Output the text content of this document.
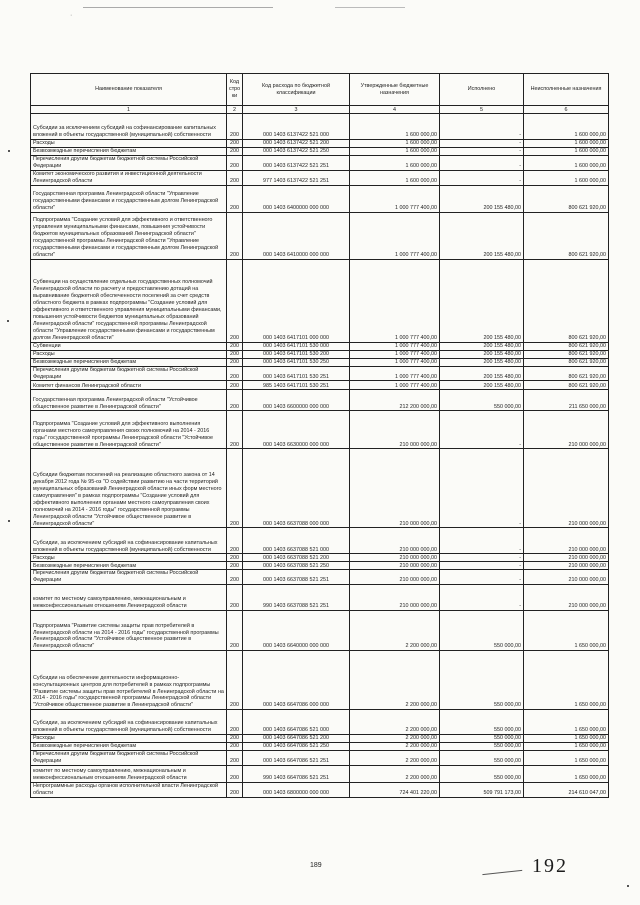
Наименование показателя	Код стро ки	Код расхода по бюджетной классификации	Утвержденные бюджетные назначения	Исполнено	Неисполненные назначения
1	2	3	4	5	6
Субсидии за исключением субсидий на софинансирование капитальных вложений в объекты государственной (муниципальной) собственности	200	000 1403 6137422 521 000	1 600 000,00	-	1 600 000,00
Расходы	200	000 1403 6137422 521 200	1 600 000,00	-	1 600 000,00
Безвозмездные перечисления бюджетам	200	000 1403 6137422 521 250	1 600 000,00	-	1 600 000,00
Перечисления другим бюджетам бюджетной системы Российской Федерации	200	000 1403 6137422 521 251	1 600 000,00	-	1 600 000,00
Комитет экономического развития и инвестиционной деятельности Ленинградской области	200	977 1403 6137422 521 251	1 600 000,00	-	1 600 000,00
Государственная программа Ленинградской области "Управление государственными финансами и государственным долгом Ленинградской области"	200	000 1403 6400000 000 000	1 000 777 400,00	200 155 480,00	800 621 920,00
Подпрограмма "Создание условий для эффективного и ответственного управления муниципальными финансами, повышения устойчивости бюджетов муниципальных образований Ленинградской области" государственной программы Ленинградской области "Управление государственными финансами и государственным долгом Ленинградской области"	200	000 1403 6410000 000 000	1 000 777 400,00	200 155 480,00	800 621 920,00
Субвенции на осуществление отдельных государственных полномочий Ленинградской области по расчету и предоставлению дотаций на выравнивание бюджетной обеспеченности поселений за счет средств областного бюджета в рамках подпрограммы "Создание условий для эффективного и ответственного управления муниципальными финансами, повышения устойчивости бюджетов муниципальных образований Ленинградской области" государственной программы Ленинградской области "Управление государственными финансами и государственным долгом Ленинградской области"	200	000 1403 6417101 000 000	1 000 777 400,00	200 155 480,00	800 621 920,00
Субвенции	200	000 1403 6417101 530 000	1 000 777 400,00	200 155 480,00	800 621 920,00
Расходы	200	000 1403 6417101 530 200	1 000 777 400,00	200 155 480,00	800 621 920,00
Безвозмездные перечисления бюджетам	200	000 1403 6417101 530 250	1 000 777 400,00	200 155 480,00	800 621 920,00
Перечисления другим бюджетам бюджетной системы Российской Федерации	200	000 1403 6417101 530 251	1 000 777 400,00	200 155 480,00	800 621 920,00
Комитет финансов Ленинградской области	200	985 1403 6417101 530 251	1 000 777 400,00	200 155 480,00	800 621 920,00
Государственная программа Ленинградской области "Устойчивое общественное развитие в Ленинградской области"	200	000 1403 6600000 000 000	212 200 000,00	550 000,00	211 650 000,00
Подпрограмма "Создание условий для эффективного выполнения органами местного самоуправления своих полномочий на 2014 - 2016 годы" государственной программы Ленинградской области "Устойчивое общественное развитие в Ленинградской области"	200	000 1403 6630000 000 000	210 000 000,00	-	210 000 000,00
Субсидии бюджетам поселений на реализацию областного закона от 14 декабря 2012 года № 95-оз "О содействии развитию на части территорий муниципальных образований Ленинградской области иных форм местного самоуправления" в рамках подпрограммы "Создание условий для эффективного выполнения органами местного самоуправления своих полномочий на 2014 - 2016 годы" государственной программы Ленинградской области "Устойчивое общественное развитие в Ленинградской области"	200	000 1403 6637088 000 000	210 000 000,00	-	210 000 000,00
Субсидии, за исключением субсидий на софинансирование капитальных вложений в объекты государственной (муниципальной) собственности	200	000 1403 6637088 521 000	210 000 000,00	-	210 000 000,00
Расходы	200	000 1403 6637088 521 200	210 000 000,00	-	210 000 000,00
Безвозмездные перечисления бюджетам	200	000 1403 6637088 521 250	210 000 000,00	-	210 000 000,00
Перечисления другим бюджетам бюджетной системы Российской Федерации	200	000 1403 6637088 521 251	210 000 000,00	-	210 000 000,00
комитет по местному самоуправлению, межнациональным и межконфессиональным отношениям Ленинградской области	200	990 1403 6637088 521 251	210 000 000,00	-	210 000 000,00
Подпрограмма "Развитие системы защиты прав потребителей в Ленинградской области на 2014 - 2016 годы" государственной программы Ленинградской области "Устойчивое общественное развитие в Ленинградской области"	200	000 1403 6640000 000 000	2 200 000,00	550 000,00	1 650 000,00
Субсидии на обеспечение деятельности информационно-консультационных центров для потребителей в рамках подпрограммы "Развитие системы защиты прав потребителей в Ленинградской области на 2014 - 2016 годы" государственной программы Ленинградской области "Устойчивое общественное развитие в Ленинградской области"	200	000 1403 6647086 000 000	2 200 000,00	550 000,00	1 650 000,00
Субсидии, за исключением субсидий на софинансирование капитальных вложений в объекты государственной (муниципальной) собственности	200	000 1403 6647086 521 000	2 200 000,00	550 000,00	1 650 000,00
Расходы	200	000 1403 6647086 521 200	2 200 000,00	550 000,00	1 650 000,00
Безвозмездные перечисления бюджетам	200	000 1403 6647086 521 250	2 200 000,00	550 000,00	1 650 000,00
Перечисления другим бюджетам бюджетной системы Российской Федерации	200	000 1403 6647086 521 251	2 200 000,00	550 000,00	1 650 000,00
комитет по местному самоуправлению, межнациональным и межконфессиональным отношениям Ленинградской области	200	990 1403 6647086 521 251	2 200 000,00	550 000,00	1 650 000,00
Непрограммные расходы органов исполнительной власти Ленинградской области	200	000 1403 6800000 000 000	724 401 220,00	509 791 173,00	214 610 047,00
189	192
·
